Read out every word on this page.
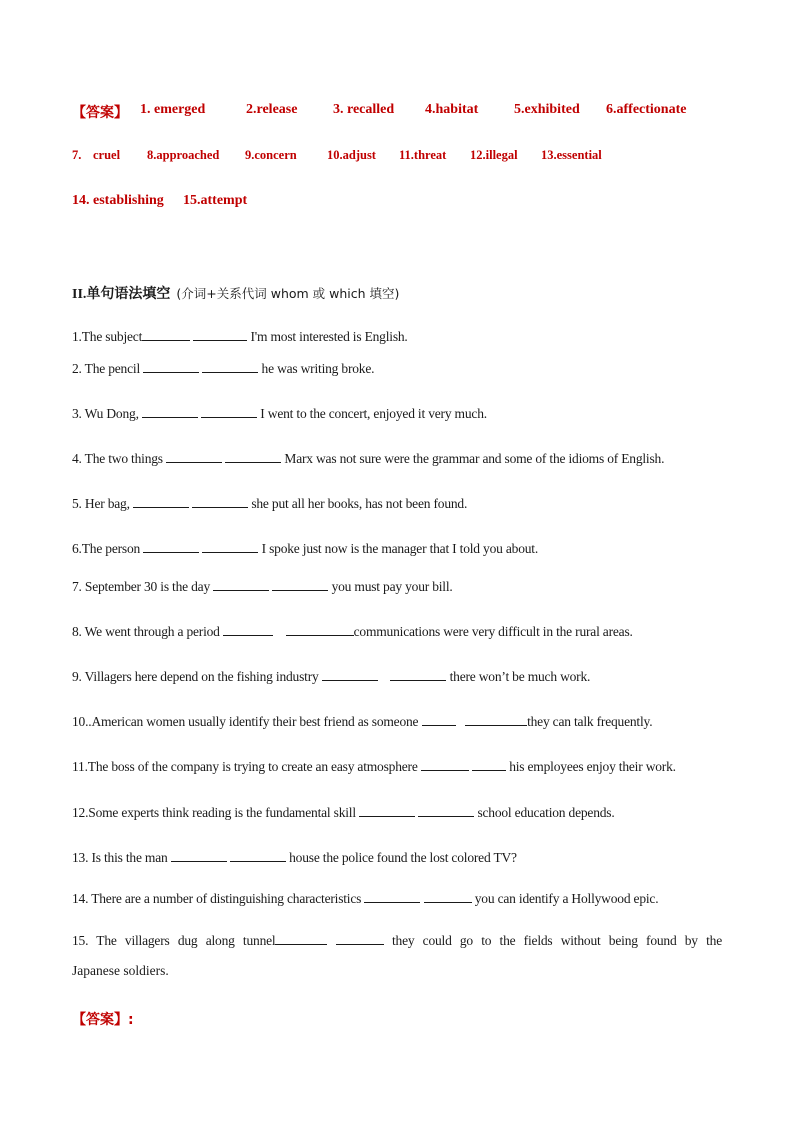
【答案】 1. emerged	2.release	3. recalled 4.habitat	5.exhibited 6.affectionate
7. cruel 8.approached 9.concern 10.adjust 11.threat 12.illegal 13.essential
14. establishing 15.attempt
II.单句语法填空 (介词+关系代词 whom 或 which 填空)
1.The subject	I'm most interested is English.
2. The pencil	he was writing broke.
3. Wu Dong,	I went to the concert, enjoyed it very much.
4. The two things	Marx was not sure were the grammar and some of the idioms of English.
5. Her bag,	she put all her books, has not been found.
6.The person	I spoke just now is the manager that I told you about.
7. September 30 is the day	you must pay your bill.
8. We went through a period	communications were very difficult in the rural areas.
9. Villagers here depend on the fishing industry	there won’t be much work.
10..American women usually identify their best friend as someone	they can talk frequently.
11.The boss of the company is trying to create an easy atmosphere	his employees enjoy their work.
12.Some experts think reading is the fundamental skill	school education depends.
13. Is this the man	house the police found the lost colored TV?
14. There are a number of distinguishing characteristics	you can identify a Hollywood epic.
15. The villagers dug along tunnel	they could go to the fields without being found by the
Japanese soldiers.
【答案】:
